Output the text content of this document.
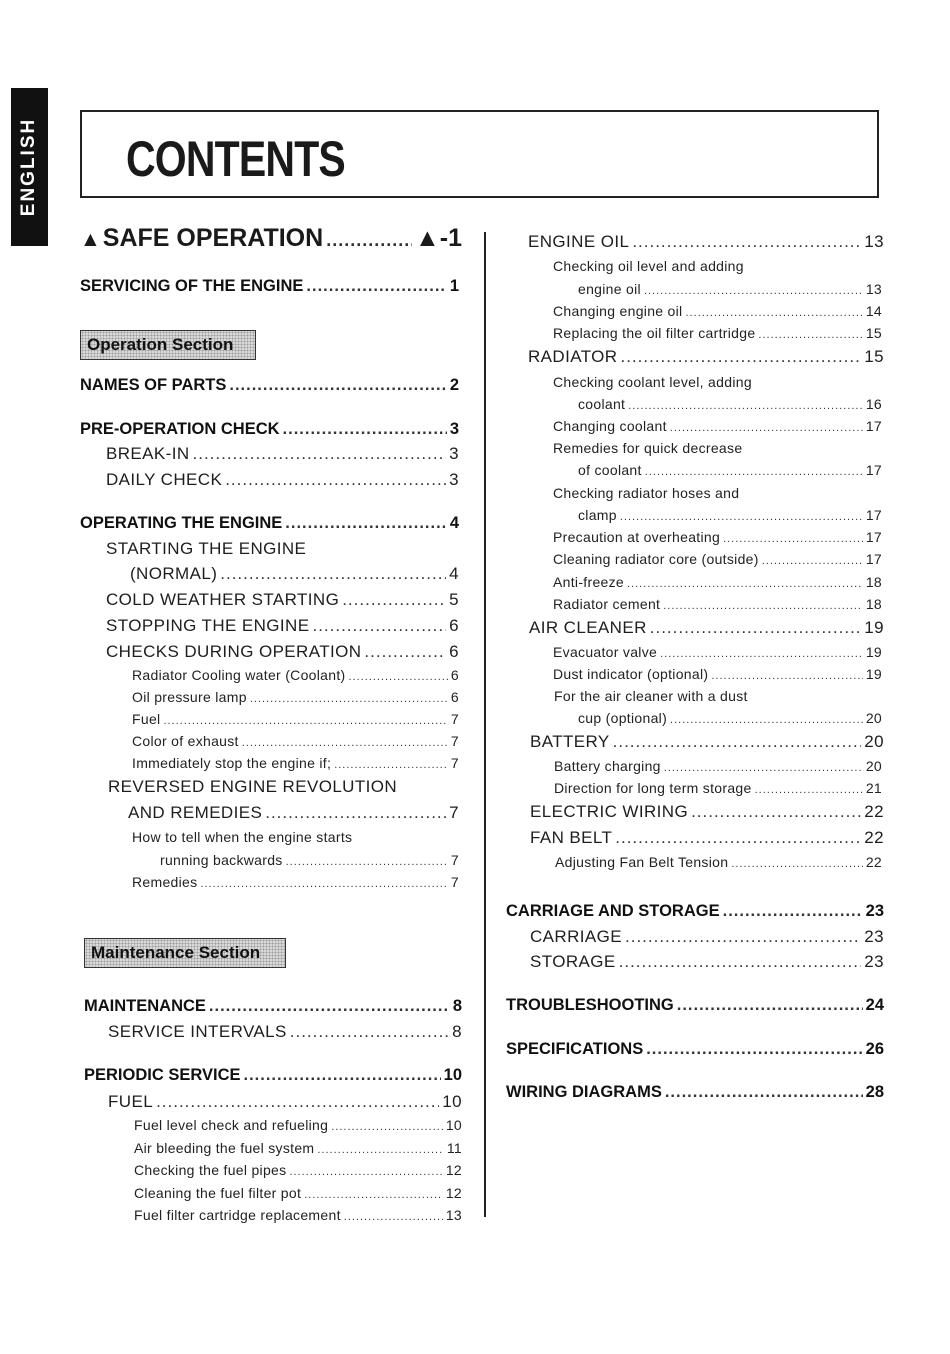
ENGLISH CONTENTS
▲SAFE OPERATION .....	▲-1
SERVICING OF THE ENGINE .....	1
Operation Section
NAMES OF PARTS .....	2
PRE-OPERATION CHECK .....	3
BREAK-IN .....	3
DAILY CHECK .....	3
OPERATING THE ENGINE .....	4
STARTING THE ENGINE
(NORMAL) .....	4
COLD WEATHER STARTING .....	5
STOPPING THE ENGINE .....	6
CHECKS DURING OPERATION .....	6
Radiator Cooling water (Coolant) .....	6
Oil pressure lamp .....	6
Fuel .....	7
Color of exhaust .....	7
Immediately stop the engine if; .....	7
REVERSED ENGINE REVOLUTION
AND REMEDIES .....	7
How to tell when the engine starts
running backwards .....	7
Remedies .....	7
Maintenance Section
MAINTENANCE .....	8
SERVICE INTERVALS .....	8
PERIODIC SERVICE .....	10
FUEL .....	10
Fuel level check and refueling .....	10
Air bleeding the fuel system .....	11
Checking the fuel pipes .....	12
Cleaning the fuel filter pot .....	12
Fuel filter cartridge replacement .....	13
ENGINE OIL .....	13
Checking oil level and adding
engine oil .....	13
Changing engine oil .....	14
Replacing the oil filter cartridge .....	15
RADIATOR .....	15
Checking coolant level, adding
coolant .....	16
Changing coolant .....	17
Remedies for quick decrease
of coolant .....	17
Checking radiator hoses and
clamp .....	17
Precaution at overheating .....	17
Cleaning radiator core (outside) .....	17
Anti-freeze .....	18
Radiator cement .....	18
AIR CLEANER .....	19
Evacuator valve .....	19
Dust indicator (optional) .....	19
For the air cleaner with a dust
cup (optional) .....	20
BATTERY .....	20
Battery charging .....	20
Direction for long term storage .....	21
ELECTRIC WIRING .....	22
FAN BELT .....	22
Adjusting Fan Belt Tension .....	22
CARRIAGE AND STORAGE .....	23
CARRIAGE .....	23
STORAGE .....	23
TROUBLESHOOTING .....	24
SPECIFICATIONS .....	26
WIRING DIAGRAMS .....	28
